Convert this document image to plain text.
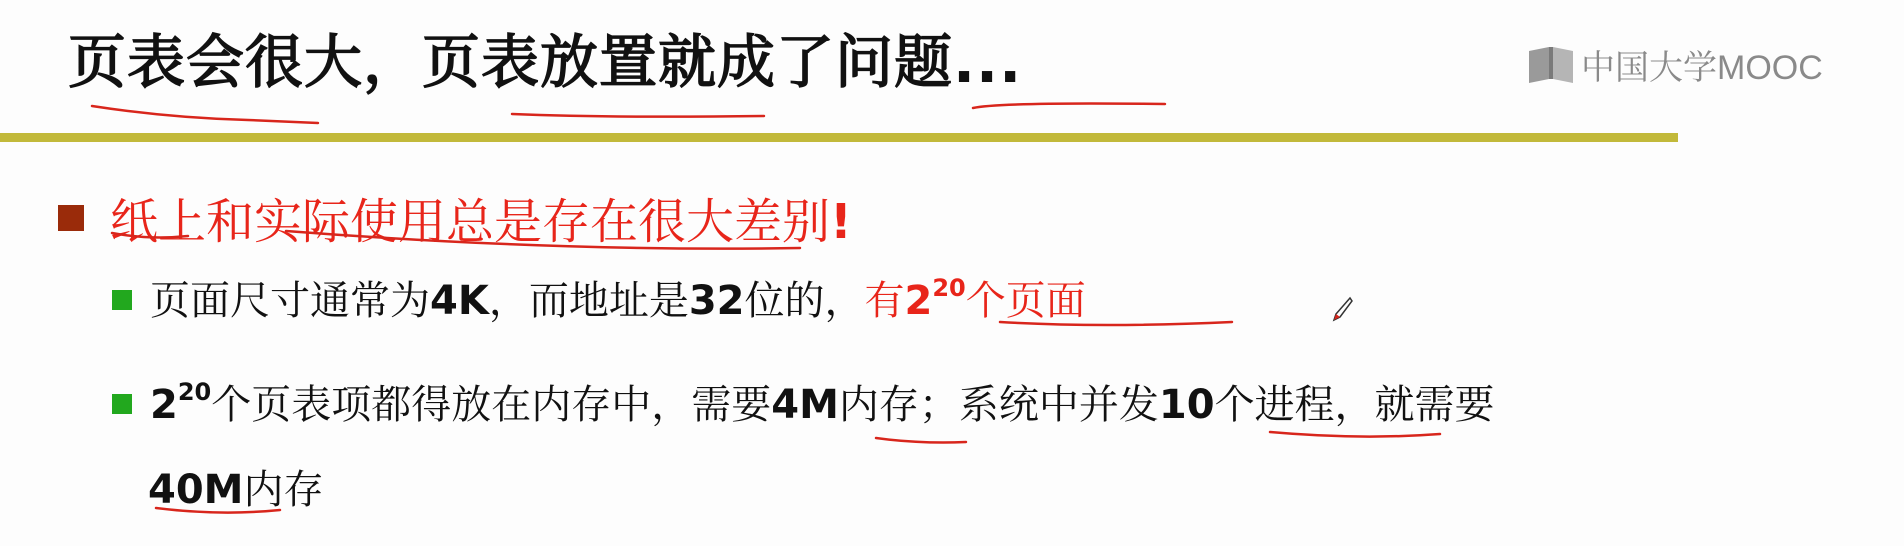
页表会很大，页表放置就成了问题...	中国大学MOOC
纸上和实际使用总是存在很大差别!
页面尺寸通常为4K，而地址是32位的，有$2^{20}$个页面
$2^{20}$个页表项都得放在内存中，需要4M内存；系统中并发10个进程，就需要
40M内存
